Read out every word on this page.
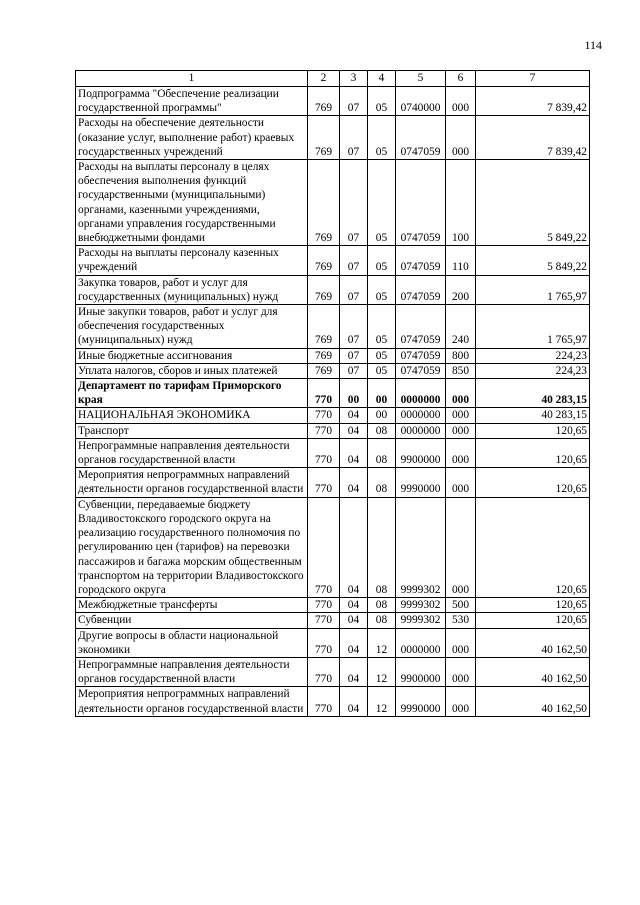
114
1	2	3	4	5	6	7
Подпрограмма "Обеспечение реализации государственной программы"	769	07	05	0740000	000	7 839,42
Расходы на обеспечение деятельности (оказание услуг, выполнение работ) краевых государственных учреждений	769	07	05	0747059	000	7 839,42
Расходы на выплаты персоналу в целях обеспечения выполнения функций государственными (муниципальными) органами, казенными учреждениями, органами управления государственными внебюджетными фондами	769	07	05	0747059	100	5 849,22
Расходы на выплаты персоналу казенных учреждений	769	07	05	0747059	110	5 849,22
Закупка товаров, работ и услуг для государственных (муниципальных) нужд	769	07	05	0747059	200	1 765,97
Иные закупки товаров, работ и услуг для обеспечения государственных (муниципальных) нужд	769	07	05	0747059	240	1 765,97
Иные бюджетные ассигнования	769	07	05	0747059	800	224,23
Уплата налогов, сборов и иных платежей	769	07	05	0747059	850	224,23
Департамент по тарифам Приморского края	770	00	00	0000000	000	40 283,15
НАЦИОНАЛЬНАЯ ЭКОНОМИКА	770	04	00	0000000	000	40 283,15
Транспорт	770	04	08	0000000	000	120,65
Непрограммные направления деятельности органов государственной власти	770	04	08	9900000	000	120,65
Мероприятия непрограммных направлений деятельности органов государственной власти	770	04	08	9990000	000	120,65
Субвенции, передаваемые бюджету Владивостокского городского округа на реализацию государственного полномочия по регулированию цен (тарифов) на перевозки пассажиров и багажа морским общественным транспортом на территории Владивостокского городского округа	770	04	08	9999302	000	120,65
Межбюджетные трансферты	770	04	08	9999302	500	120,65
Субвенции	770	04	08	9999302	530	120,65
Другие вопросы в области национальной экономики	770	04	12	0000000	000	40 162,50
Непрограммные направления деятельности органов государственной власти	770	04	12	9900000	000	40 162,50
Мероприятия непрограммных направлений деятельности органов государственной власти	770	04	12	9990000	000	40 162,50
